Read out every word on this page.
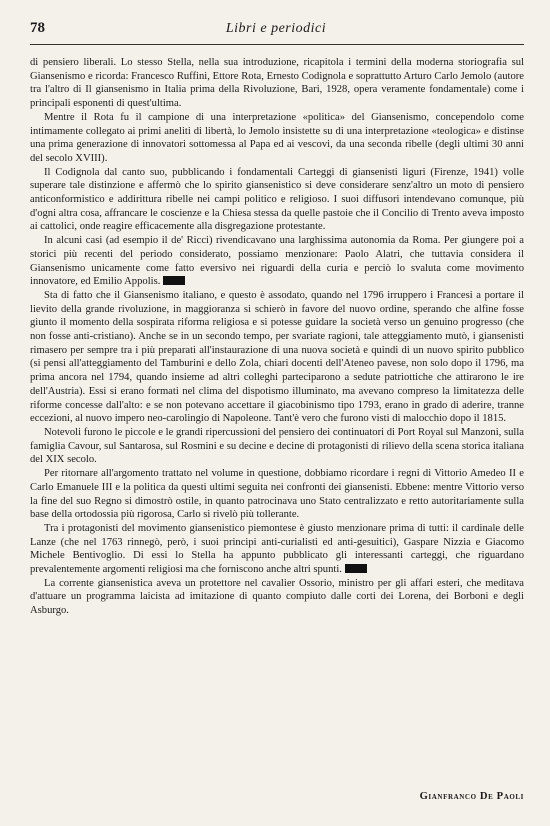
78	Libri e periodici

di pensiero liberali. Lo stesso Stella, nella sua introduzione, ricapitola i termini della moderna storiografia sul Giansenismo e ricorda: Francesco Ruffini, Ettore Rota, Ernesto Codignola e soprattutto Arturo Carlo Jemolo (autore tra l'altro di Il giansenismo in Italia prima della Rivoluzione, Bari, 1928, opera veramente fondamentale) come i principali esponenti di quest'ultima.

Mentre il Rota fu il campione di una interpretazione «politica» del Giansenismo, concependolo come intimamente collegato ai primi aneliti di libertà, lo Jemolo insistette su di una interpretazione «teologica» e distinse una prima generazione di innovatori sottomessa al Papa ed ai vescovi, da una seconda ribelle (degli ultimi 30 anni del secolo XVIII).

Il Codignola dal canto suo, pubblicando i fondamentali Carteggi di giansenisti liguri (Firenze, 1941) volle superare tale distinzione e affermò che lo spirito giansenistico si deve considerare senz'altro un moto di pensiero anticonformistico e addirittura ribelle nei campi politico e religioso. I suoi diffusori intendevano comunque, più d'ogni altra cosa, affrancare le coscienze e la Chiesa stessa da quelle pastoie che il Concilio di Trento aveva imposto ai cattolici, onde reagire efficacemente alla disgregazione protestante.

In alcuni casi (ad esempio il de' Ricci) rivendicavano una larghissima autonomia da Roma. Per giungere poi a storici più recenti del periodo considerato, possiamo menzionare: Paolo Alatri, che tuttavia considera il Giansenismo unicamente come fatto eversivo nei riguardi della curia e perciò lo svaluta come movimento innovatore, ed Emilio Appolis.

Sta di fatto che il Giansenismo italiano, e questo è assodato, quando nel 1796 irruppero i Francesi a portare il lievito della grande rivoluzione, in maggioranza si schierò in favore del nuovo ordine, sperando che alfine fosse giunto il momento della sospirata riforma religiosa e si potesse guidare la società verso un genuino progresso (che non fosse anti-cristiano). Anche se in un secondo tempo, per svariate ragioni, tale atteggiamento mutò, i giansenisti rimasero per sempre tra i più preparati all'instaurazione di una nuova società e quindi di un nuovo spirito pubblico (si pensi all'atteggiamento del Tamburini e dello Zola, chiari docenti dell'Ateneo pavese, non solo dopo il 1796, ma prima ancora nel 1794, quando insieme ad altri colleghi parteciparono a sedute patriottiche che attirarono le ire dell'Austria). Essi si erano formati nel clima del dispotismo illuminato, ma avevano compreso la limitatezza delle riforme concesse dall'alto: e se non potevano accettare il giacobinismo tipo 1793, erano in grado di aderire, tranne eccezioni, al nuovo impero neo-carolingio di Napoleone. Tant'è vero che furono visti di malocchio dopo il 1815.

Notevoli furono le piccole e le grandi ripercussioni del pensiero dei continuatori di Port Royal sul Manzoni, sulla famiglia Cavour, sul Santarosa, sul Rosmini e su decine e decine di protagonisti di rilievo della scena storica italiana del XIX secolo.

Per ritornare all'argomento trattato nel volume in questione, dobbiamo ricordare i regni di Vittorio Amedeo II e Carlo Emanuele III e la politica da questi ultimi seguita nei confronti dei giansenisti. Ebbene: mentre Vittorio verso la fine del suo Regno si dimostrò ostile, in quanto patrocinava uno Stato centralizzato e retto autoritariamente sulla base della ortodossia più rigorosa, Carlo si rivelò più tollerante.

Tra i protagonisti del movimento giansenistico piemontese è giusto menzionare prima di tutti: il cardinale delle Lanze (che nel 1763 rinnegò, però, i suoi principi anti-curialisti ed anti-gesuitici), Gaspare Nizzia e Giacomo Michele Bentivoglio. Di essi lo Stella ha appunto pubblicato gli interessanti carteggi, che riguardano prevalentemente argomenti religiosi ma che forniscono anche altri spunti.

La corrente giansenistica aveva un protettore nel cavalier Ossorio, ministro per gli affari esteri, che meditava d'attuare un programma laicista ad imitazione di quanto compiuto dalle corti dei Lorena, dei Borboni e degli Asburgo.

Gianfranco De Paoli
